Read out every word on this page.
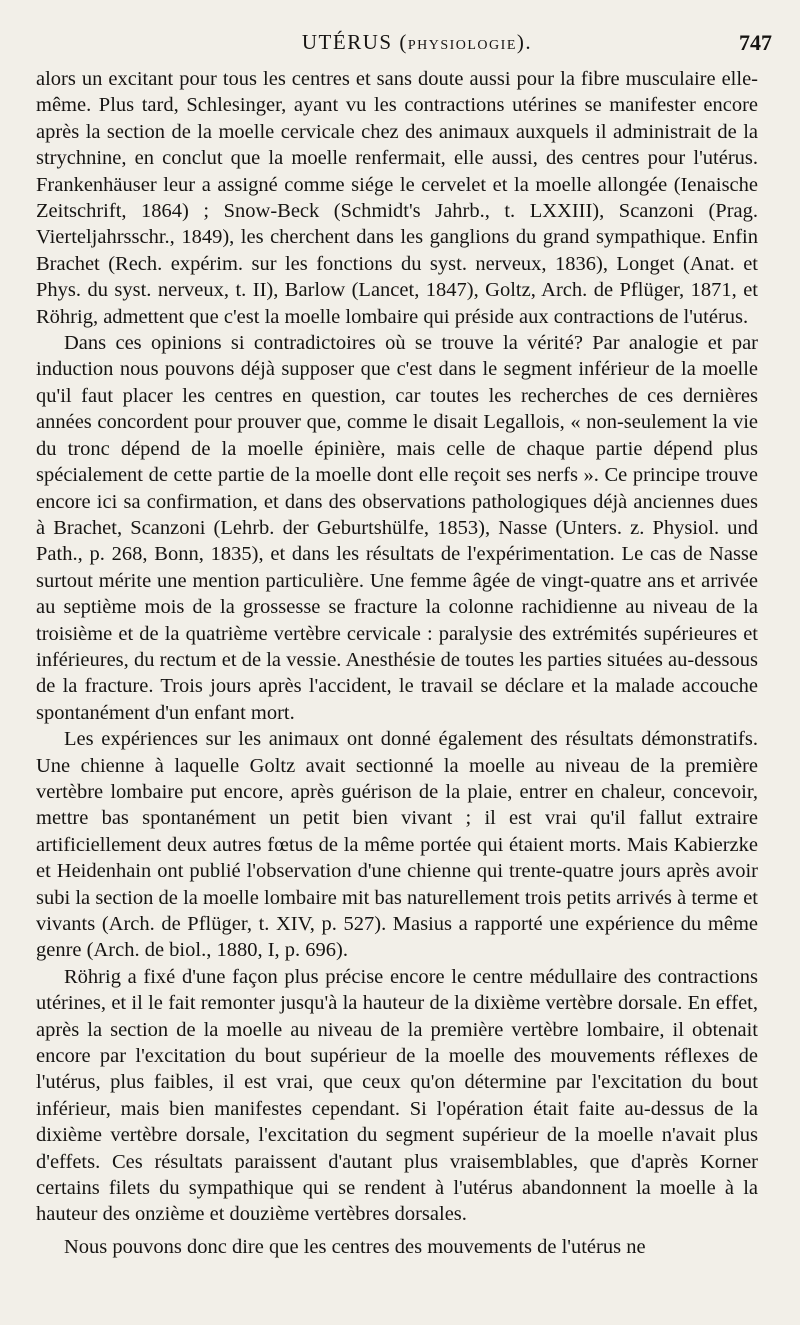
UTÉRUS (PHYSIOLOGIE).	747

alors un excitant pour tous les centres et sans doute aussi pour la fibre musculaire elle-même. Plus tard, Schlesinger, ayant vu les contractions utérines se manifester encore après la section de la moelle cervicale chez des animaux auxquels il administrait de la strychnine, en conclut que la moelle renfermait, elle aussi, des centres pour l'utérus. Frankenhäuser leur a assigné comme siége le cervelet et la moelle allongée (Ienaische Zeitschrift, 1864) ; Snow-Beck (Schmidt's Jahrb., t. LXXIII), Scanzoni (Prag. Vierteljahrsschr., 1849), les cherchent dans les ganglions du grand sympathique. Enfin Brachet (Rech. expérim. sur les fonctions du syst. nerveux, 1836), Longet (Anat. et Phys. du syst. nerveux, t. II), Barlow (Lancet, 1847), Goltz, Arch. de Pflüger, 1871, et Röhrig, admettent que c'est la moelle lombaire qui préside aux contractions de l'utérus.

Dans ces opinions si contradictoires où se trouve la vérité? Par analogie et par induction nous pouvons déjà supposer que c'est dans le segment inférieur de la moelle qu'il faut placer les centres en question, car toutes les recherches de ces dernières années concordent pour prouver que, comme le disait Legallois, « non-seulement la vie du tronc dépend de la moelle épinière, mais celle de chaque partie dépend plus spécialement de cette partie de la moelle dont elle reçoit ses nerfs ». Ce principe trouve encore ici sa confirmation, et dans des observations pathologiques déjà anciennes dues à Brachet, Scanzoni (Lehrb. der Geburtshülfe, 1853), Nasse (Unters. z. Physiol. und Path., p. 268, Bonn, 1835), et dans les résultats de l'expérimentation. Le cas de Nasse surtout mérite une mention particulière. Une femme âgée de vingt-quatre ans et arrivée au septième mois de la grossesse se fracture la colonne rachidienne au niveau de la troisième et de la quatrième vertèbre cervicale : paralysie des extrémités supérieures et inférieures, du rectum et de la vessie. Anesthésie de toutes les parties situées au-dessous de la fracture. Trois jours après l'accident, le travail se déclare et la malade accouche spontanément d'un enfant mort.

Les expériences sur les animaux ont donné également des résultats démonstratifs. Une chienne à laquelle Goltz avait sectionné la moelle au niveau de la première vertèbre lombaire put encore, après guérison de la plaie, entrer en chaleur, concevoir, mettre bas spontanément un petit bien vivant ; il est vrai qu'il fallut extraire artificiellement deux autres fœtus de la même portée qui étaient morts. Mais Kabierzke et Heidenhain ont publié l'observation d'une chienne qui trente-quatre jours après avoir subi la section de la moelle lombaire mit bas naturellement trois petits arrivés à terme et vivants (Arch. de Pflüger, t. XIV, p. 527). Masius a rapporté une expérience du même genre (Arch. de biol., 1880, I, p. 696).

Röhrig a fixé d'une façon plus précise encore le centre médullaire des contractions utérines, et il le fait remonter jusqu'à la hauteur de la dixième vertèbre dorsale. En effet, après la section de la moelle au niveau de la première vertèbre lombaire, il obtenait encore par l'excitation du bout supérieur de la moelle des mouvements réflexes de l'utérus, plus faibles, il est vrai, que ceux qu'on détermine par l'excitation du bout inférieur, mais bien manifestes cependant. Si l'opération était faite au-dessus de la dixième vertèbre dorsale, l'excitation du segment supérieur de la moelle n'avait plus d'effets. Ces résultats paraissent d'autant plus vraisemblables, que d'après Korner certains filets du sympathique qui se rendent à l'utérus abandonnent la moelle à la hauteur des onzième et douzième vertèbres dorsales.

Nous pouvons donc dire que les centres des mouvements de l'utérus ne
